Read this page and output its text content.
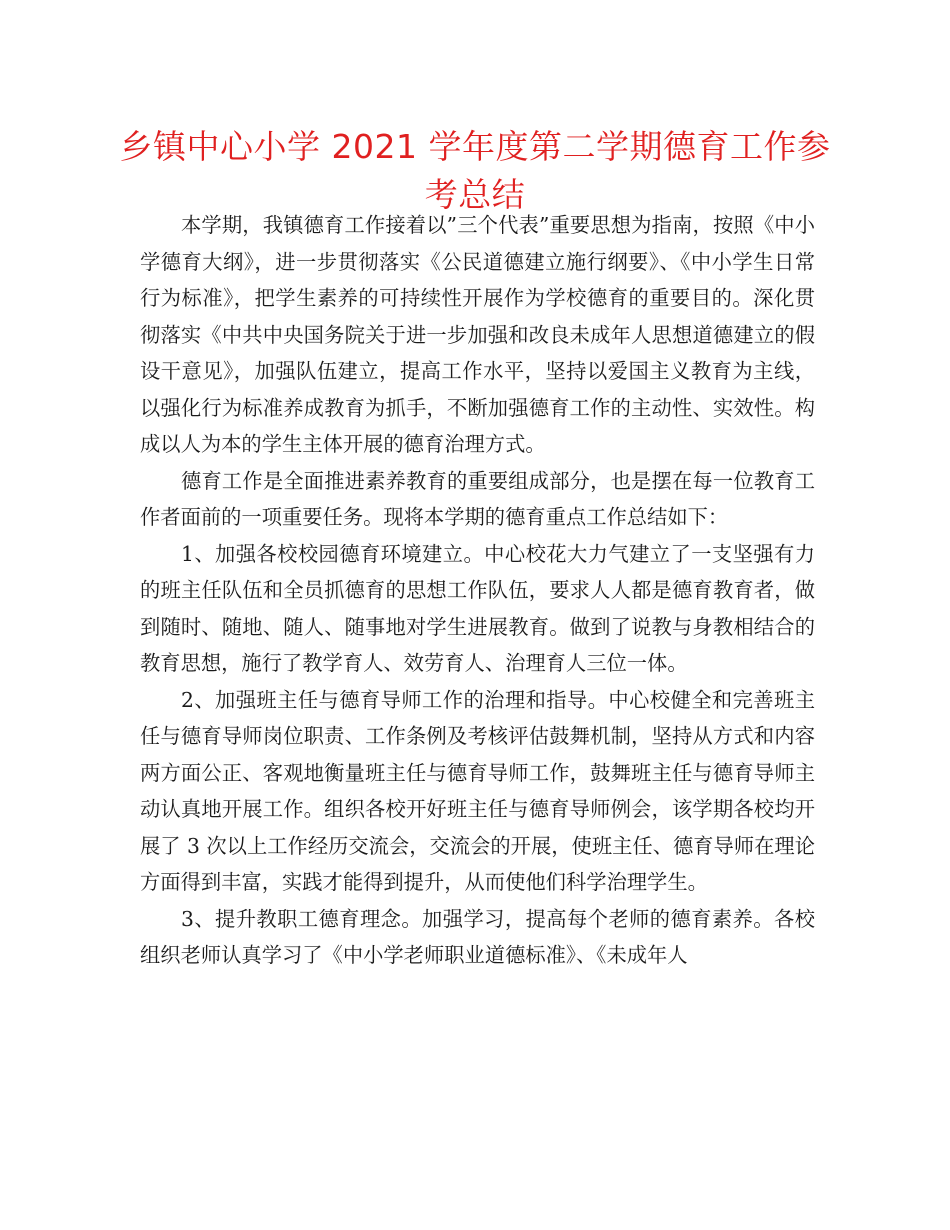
乡镇中心小学 2021 学年度第二学期德育工作参
考总结

本学期，我镇德育工作接着以”三个代表”重要思想为指南，按照《中小学德育大纲》，进一步贯彻落实《公民道德建立施行纲要》、《中小学生日常行为标准》，把学生素养的可持续性开展作为学校德育的重要目的。深化贯彻落实《中共中央国务院关于进一步加强和改良未成年人思想道德建立的假设干意见》，加强队伍建立，提高工作水平，坚持以爱国主义教育为主线，以强化行为标准养成教育为抓手，不断加强德育工作的主动性、实效性。构成以人为本的学生主体开展的德育治理方式。

德育工作是全面推进素养教育的重要组成部分，也是摆在每一位教育工作者面前的一项重要任务。现将本学期的德育重点工作总结如下：

1、加强各校校园德育环境建立。中心校花大力气建立了一支坚强有力的班主任队伍和全员抓德育的思想工作队伍，要求人人都是德育教育者，做到随时、随地、随人、随事地对学生进展教育。做到了说教与身教相结合的教育思想，施行了教学育人、效劳育人、治理育人三位一体。

2、加强班主任与德育导师工作的治理和指导。中心校健全和完善班主任与德育导师岗位职责、工作条例及考核评估鼓舞机制，坚持从方式和内容两方面公正、客观地衡量班主任与德育导师工作，鼓舞班主任与德育导师主动认真地开展工作。组织各校开好班主任与德育导师例会，该学期各校均开展了 3 次以上工作经历交流会，交流会的开展，使班主任、德育导师在理论方面得到丰富，实践才能得到提升，从而使他们科学治理学生。

3、提升教职工德育理念。加强学习，提高每个老师的德育素养。各校组织老师认真学习了《中小学老师职业道德标准》、《未成年人
